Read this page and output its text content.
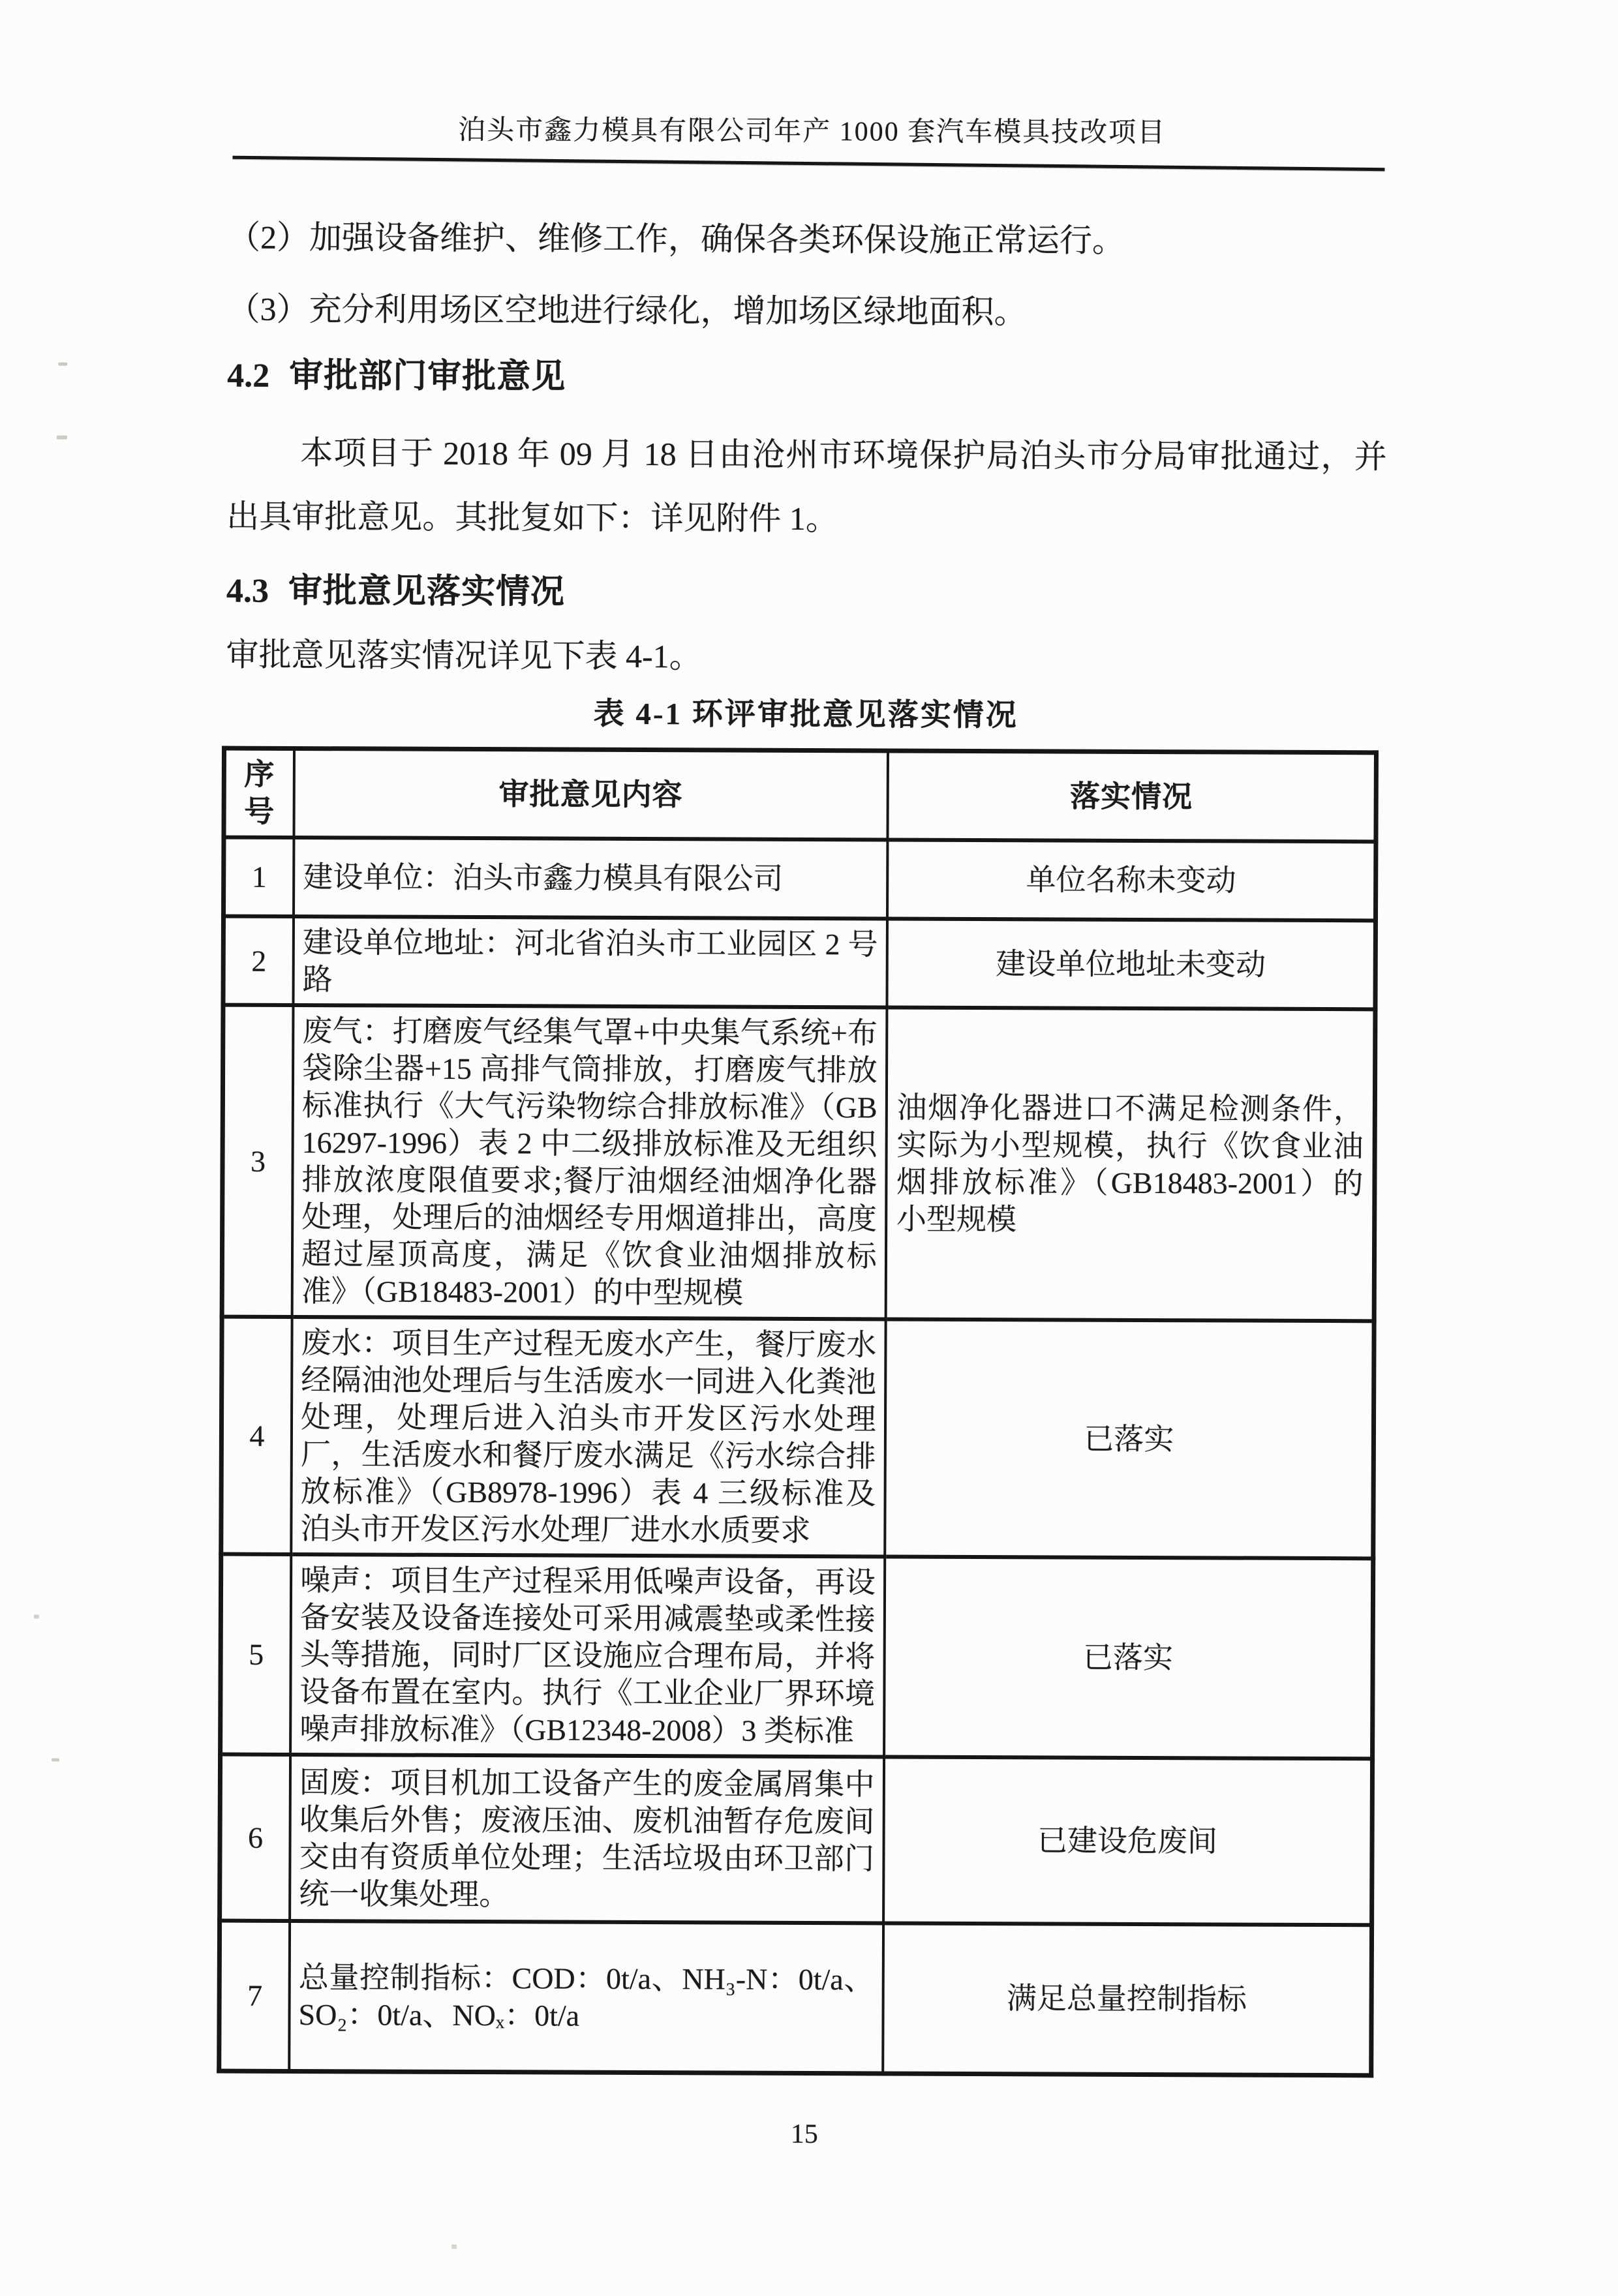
泊头市鑫力模具有限公司年产 1000 套汽车模具技改项目
（2）加强设备维护、维修工作，确保各类环保设施正常运行。
（3）充分利用场区空地进行绿化，增加场区绿地面积。
4.2 审批部门审批意见
本项目于 2018 年 09 月 18 日由沧州市环境保护局泊头市分局审批通过，并出具审批意见。其批复如下：详见附件 1。
4.3 审批意见落实情况
审批意见落实情况详见下表 4-1。
表 4-1 环评审批意见落实情况
序号	审批意见内容	落实情况
1	建设单位：泊头市鑫力模具有限公司	单位名称未变动
2	建设单位地址：河北省泊头市工业园区 2 号路	建设单位地址未变动
3	废气：打磨废气经集气罩+中央集气系统+布袋除尘器+15 高排气筒排放，打磨废气排放标准执行《大气污染物综合排放标准》（GB 16297-1996）表 2 中二级排放标准及无组织排放浓度限值要求;餐厅油烟经油烟净化器处理，处理后的油烟经专用烟道排出，高度超过屋顶高度，满足《饮食业油烟排放标准》（GB18483-2001）的中型规模	油烟净化器进口不满足检测条件，实际为小型规模，执行《饮食业油烟排放标准》（GB18483-2001）的小型规模
4	废水：项目生产过程无废水产生，餐厅废水经隔油池处理后与生活废水一同进入化粪池处理，处理后进入泊头市开发区污水处理厂，生活废水和餐厅废水满足《污水综合排放标准》（GB8978-1996）表 4 三级标准及泊头市开发区污水处理厂进水水质要求	已落实
5	噪声：项目生产过程采用低噪声设备，再设备安装及设备连接处可采用减震垫或柔性接头等措施，同时厂区设施应合理布局，并将设备布置在室内。执行《工业企业厂界环境噪声排放标准》（GB12348-2008）3 类标准	已落实
6	固废：项目机加工设备产生的废金属屑集中收集后外售；废液压油、废机油暂存危废间交由有资质单位处理；生活垃圾由环卫部门统一收集处理。	已建设危废间
7	总量控制指标：COD：0t/a、NH₃-N：0t/a、SO₂：0t/a、NOₓ：0t/a	满足总量控制指标
15
